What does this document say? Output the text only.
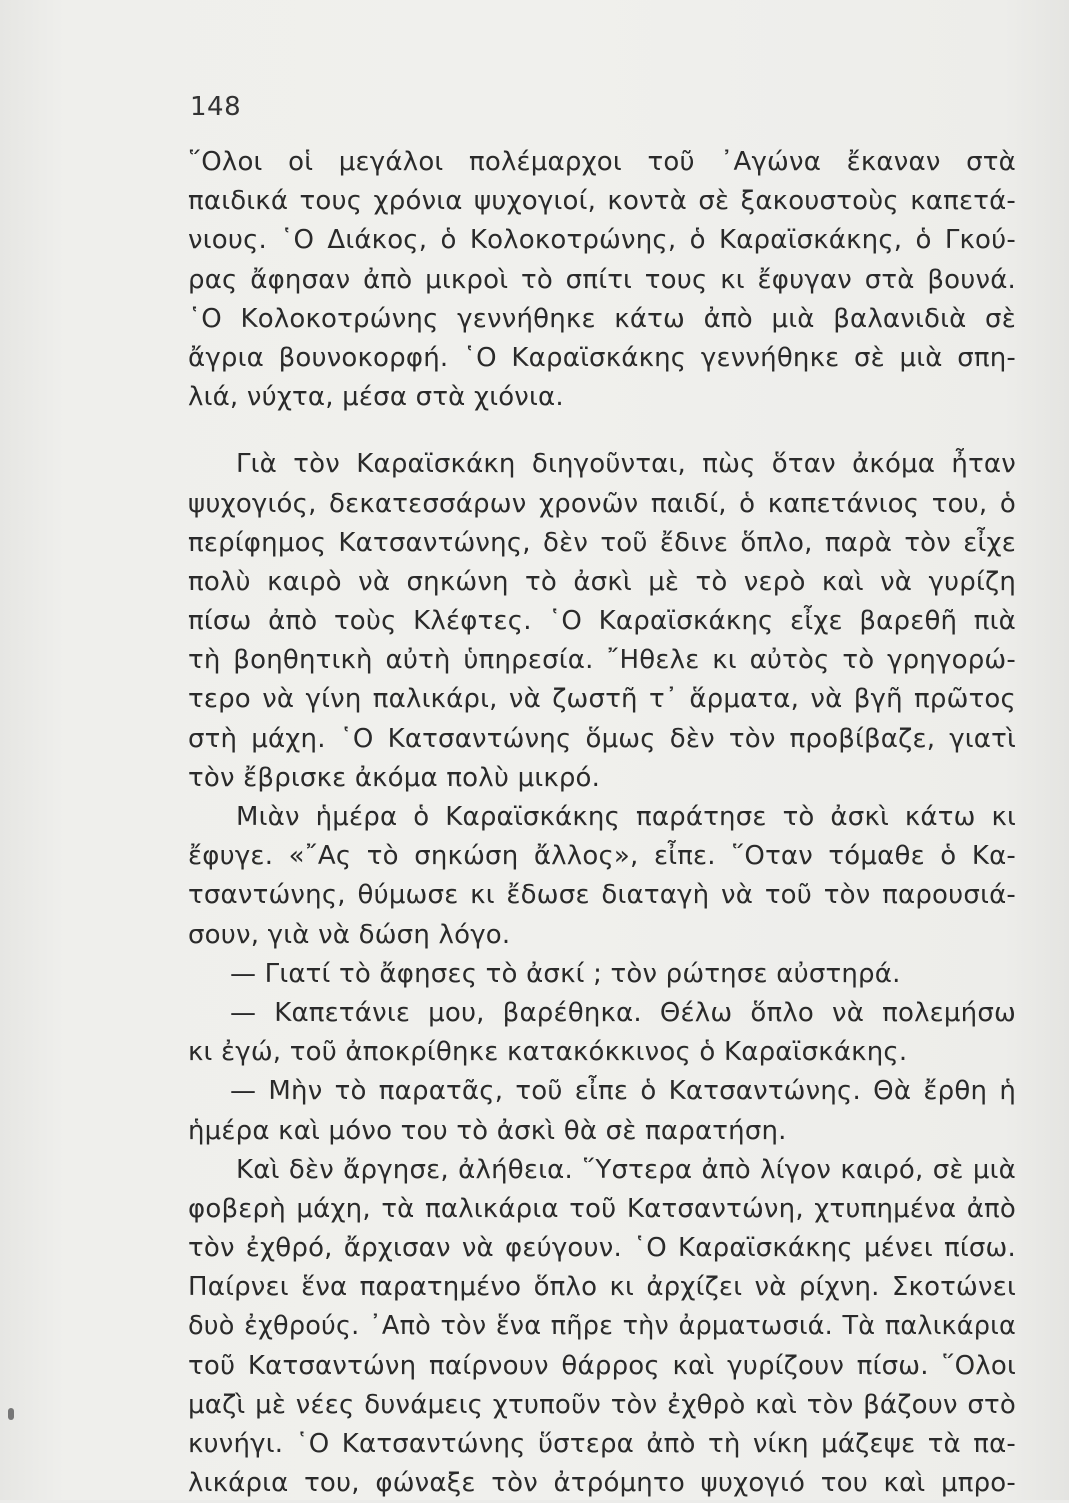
148
῞Ολοι οἱ μεγάλοι πολέμαρχοι τοῦ ᾿Αγώνα ἔκαναν στὰ
παιδικά τους χρόνια ψυχογιοί, κοντὰ σὲ ξακουστοὺς καπετά-
νιους. ῾Ο Διάκος, ὁ Κολοκοτρώνης, ὁ Καραϊσκάκης, ὁ Γκού-
ρας ἄφησαν ἀπὸ μικροὶ τὸ σπίτι τους κι ἔφυγαν στὰ βουνά.
῾Ο Κολοκοτρώνης γεννήθηκε κάτω ἀπὸ μιὰ βαλανιδιὰ σὲ
ἄγρια βουνοκορφή. ῾Ο Καραϊσκάκης γεννήθηκε σὲ μιὰ σπη-
λιά, νύχτα, μέσα στὰ χιόνια.
Γιὰ τὸν Καραϊσκάκη διηγοῦνται, πὼς ὅταν ἀκόμα ἦταν
ψυχογιός, δεκατεσσάρων χρονῶν παιδί, ὁ καπετάνιος του, ὁ
περίφημος Κατσαντώνης, δὲν τοῦ ἔδινε ὅπλο, παρὰ τὸν εἶχε
πολὺ καιρὸ νὰ σηκώνη τὸ ἀσκὶ μὲ τὸ νερὸ καὶ νὰ γυρίζη
πίσω ἀπὸ τοὺς Κλέφτες. ῾Ο Καραϊσκάκης εἶχε βαρεθῆ πιὰ
τὴ βοηθητικὴ αὐτὴ ὑπηρεσία. ῎Ηθελε κι αὐτὸς τὸ γρηγορώ-
τερο νὰ γίνη παλικάρι, νὰ ζωστῆ τ᾿ ἅρματα, νὰ βγῆ πρῶτος
στὴ μάχη. ῾Ο Κατσαντώνης ὅμως δὲν τὸν προβίβαζε, γιατὶ
τὸν ἔβρισκε ἀκόμα πολὺ μικρό.
Μιὰν ἡμέρα ὁ Καραϊσκάκης παράτησε τὸ ἀσκὶ κάτω κι
ἔφυγε. «῎Ας τὸ σηκώση ἄλλος», εἶπε. ῞Οταν τόμαθε ὁ Κα-
τσαντώνης, θύμωσε κι ἔδωσε διαταγὴ νὰ τοῦ τὸν παρουσιά-
σουν, γιὰ νὰ δώση λόγο.
— Γιατί τὸ ἄφησες τὸ ἀσκί ; τὸν ρώτησε αὐστηρά.
— Καπετάνιε μου, βαρέθηκα. Θέλω ὅπλο νὰ πολεμήσω
κι ἐγώ, τοῦ ἀποκρίθηκε κατακόκκινος ὁ Καραϊσκάκης.
— Μὴν τὸ παρατᾶς, τοῦ εἶπε ὁ Κατσαντώνης. Θὰ ἔρθη ἡ
ἡμέρα καὶ μόνο του τὸ ἀσκὶ θὰ σὲ παρατήση.
Καὶ δὲν ἄργησε, ἀλήθεια. ῞Υστερα ἀπὸ λίγον καιρό, σὲ μιὰ
φοβερὴ μάχη, τὰ παλικάρια τοῦ Κατσαντώνη, χτυπημένα ἀπὸ
τὸν ἐχθρό, ἄρχισαν νὰ φεύγουν. ῾Ο Καραϊσκάκης μένει πίσω.
Παίρνει ἕνα παρατημένο ὅπλο κι ἀρχίζει νὰ ρίχνη. Σκοτώνει
δυὸ ἐχθρούς. ᾿Απὸ τὸν ἕνα πῆρε τὴν ἀρματωσιά. Τὰ παλικάρια
τοῦ Κατσαντώνη παίρνουν θάρρος καὶ γυρίζουν πίσω. ῞Ολοι
μαζὶ μὲ νέες δυνάμεις χτυποῦν τὸν ἐχθρὸ καὶ τὸν βάζουν στὸ
κυνήγι. ῾Ο Κατσαντώνης ὕστερα ἀπὸ τὴ νίκη μάζεψε τὰ πα-
λικάρια του, φώναξε τὸν ἀτρόμητο ψυχογιό του καὶ μπρο-
